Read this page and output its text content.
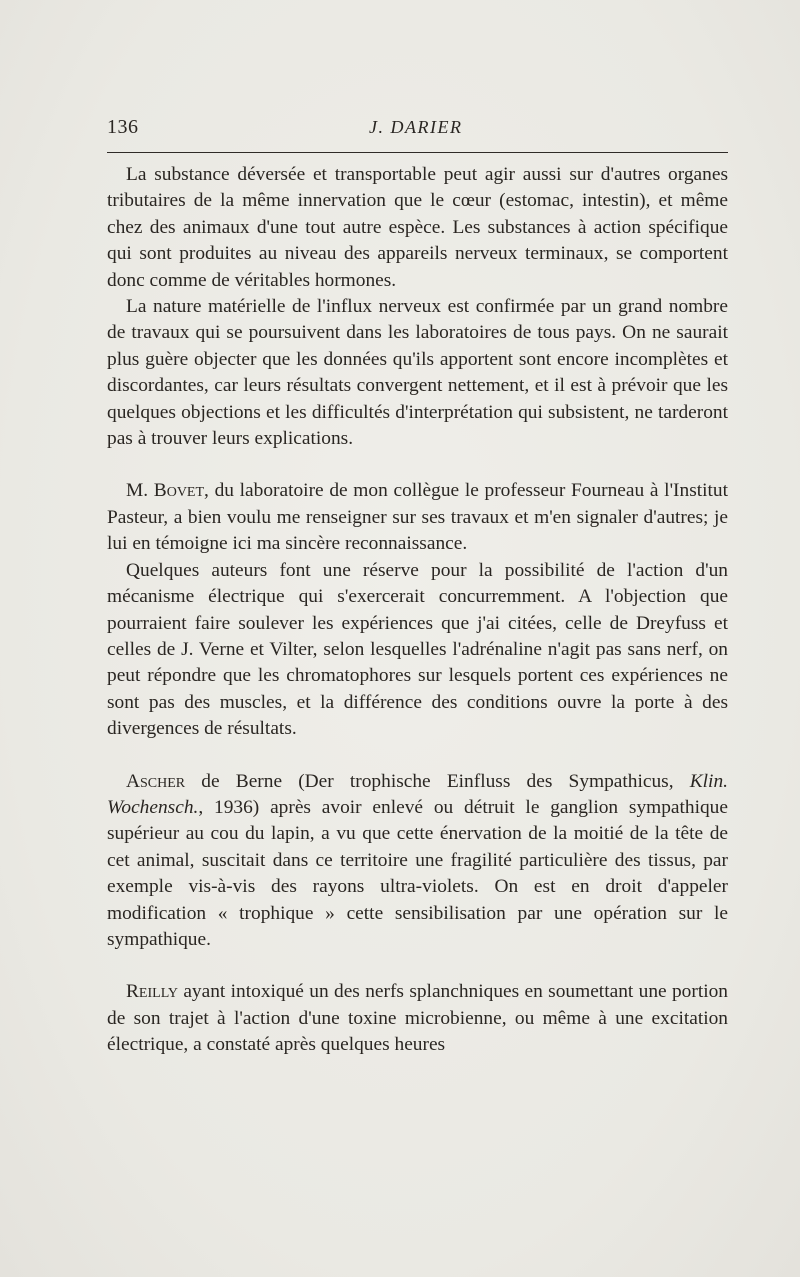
136	J. DARIER

La substance déversée et transportable peut agir aussi sur d'autres organes tributaires de la même innervation que le cœur (estomac, intestin), et même chez des animaux d'une tout autre espèce. Les substances à action spécifique qui sont produites au niveau des appareils nerveux terminaux, se comportent donc comme de véritables hormones.

La nature matérielle de l'influx nerveux est confirmée par un grand nombre de travaux qui se poursuivent dans les laboratoires de tous pays. On ne saurait plus guère objecter que les données qu'ils apportent sont encore incomplètes et discordantes, car leurs résultats convergent nettement, et il est à prévoir que les quelques objections et les difficultés d'interprétation qui subsistent, ne tarderont pas à trouver leurs explications.

M. Bovet, du laboratoire de mon collègue le professeur Fourneau à l'Institut Pasteur, a bien voulu me renseigner sur ses travaux et m'en signaler d'autres; je lui en témoigne ici ma sincère reconnaissance.

Quelques auteurs font une réserve pour la possibilité de l'action d'un mécanisme électrique qui s'exercerait concurremment. A l'objection que pourraient faire soulever les expériences que j'ai citées, celle de Dreyfuss et celles de J. Verne et Vilter, selon lesquelles l'adrénaline n'agit pas sans nerf, on peut répondre que les chromatophores sur lesquels portent ces expériences ne sont pas des muscles, et la différence des conditions ouvre la porte à des divergences de résultats.

Ascher de Berne (Der trophische Einfluss des Sympathicus, Klin. Wochensch., 1936) après avoir enlevé ou détruit le ganglion sympathique supérieur au cou du lapin, a vu que cette énervation de la moitié de la tête de cet animal, suscitait dans ce territoire une fragilité particulière des tissus, par exemple vis-à-vis des rayons ultra-violets. On est en droit d'appeler modification « trophique » cette sensibilisation par une opération sur le sympathique.

Reilly ayant intoxiqué un des nerfs splanchniques en soumettant une portion de son trajet à l'action d'une toxine microbienne, ou même à une excitation électrique, a constaté après quelques heures
